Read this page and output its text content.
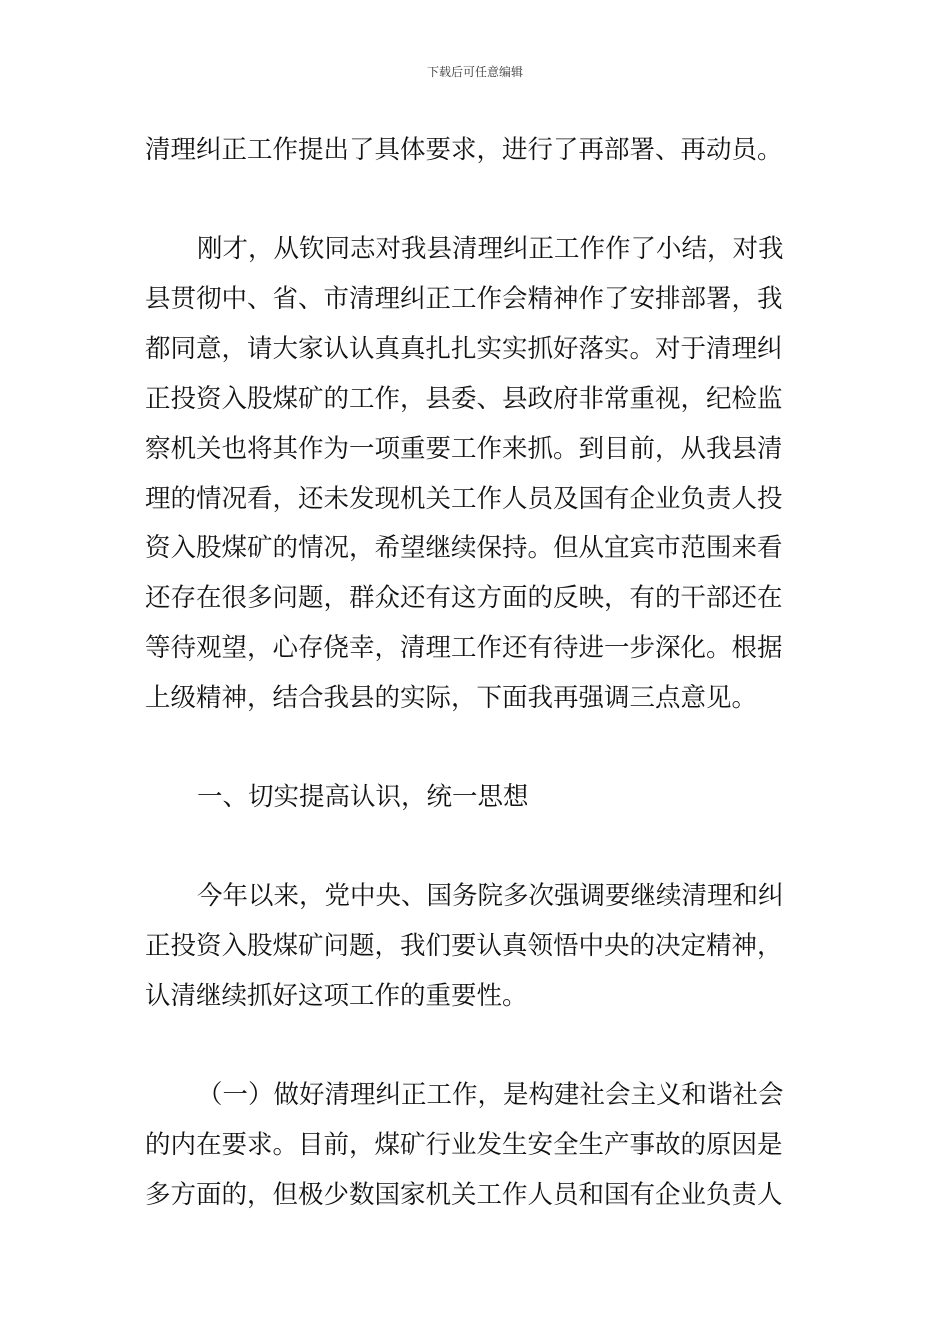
下载后可任意编辑
清理纠正工作提出了具体要求，进行了再部署、再动员。
刚才，从钦同志对我县清理纠正工作作了小结，对我
县贯彻中、省、市清理纠正工作会精神作了安排部署，我
都同意，请大家认认真真扎扎实实抓好落实。对于清理纠
正投资入股煤矿的工作，县委、县政府非常重视，纪检监
察机关也将其作为一项重要工作来抓。到目前，从我县清
理的情况看，还未发现机关工作人员及国有企业负责人投
资入股煤矿的情况，希望继续保持。但从宜宾市范围来看
还存在很多问题，群众还有这方面的反映，有的干部还在
等待观望，心存侥幸，清理工作还有待进一步深化。根据
上级精神，结合我县的实际，下面我再强调三点意见。
一、切实提高认识，统一思想
今年以来，党中央、国务院多次强调要继续清理和纠
正投资入股煤矿问题，我们要认真领悟中央的决定精神，
认清继续抓好这项工作的重要性。
（一）做好清理纠正工作，是构建社会主义和谐社会
的内在要求。目前，煤矿行业发生安全生产事故的原因是
多方面的，但极少数国家机关工作人员和国有企业负责人
